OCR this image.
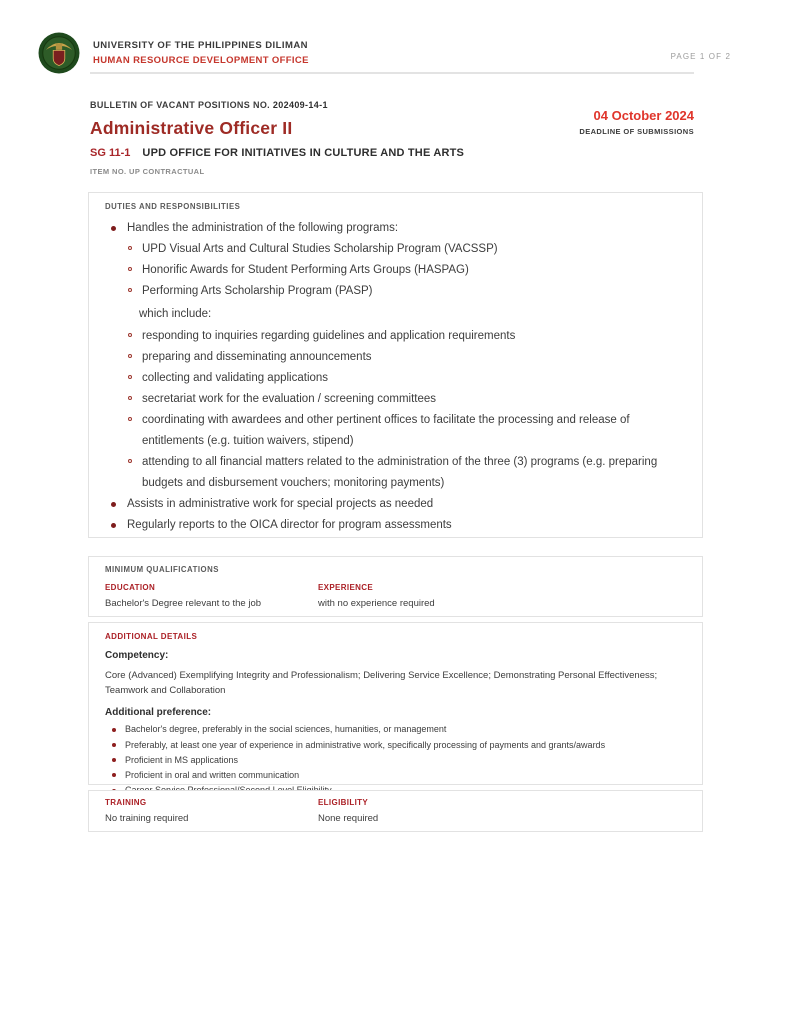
UNIVERSITY OF THE PHILIPPINES DILIMAN
HUMAN RESOURCE DEVELOPMENT OFFICE	PAGE 1 OF 2
BULLETIN OF VACANT POSITIONS NO. 202409-14-1
Administrative Officer II
SG 11-1 UPD OFFICE FOR INITIATIVES IN CULTURE AND THE ARTS
ITEM NO. UP CONTRACTUAL
04 October 2024
DEADLINE OF SUBMISSIONS
DUTIES AND RESPONSIBILITIES
Handles the administration of the following programs:
UPD Visual Arts and Cultural Studies Scholarship Program (VACSSP)
Honorific Awards for Student Performing Arts Groups (HASPAG)
Performing Arts Scholarship Program (PASP)
which include:
responding to inquiries regarding guidelines and application requirements
preparing and disseminating announcements
collecting and validating applications
secretariat work for the evaluation / screening committees
coordinating with awardees and other pertinent offices to facilitate the processing and release of entitlements (e.g. tuition waivers, stipend)
attending to all financial matters related to the administration of the three (3) programs (e.g. preparing budgets and disbursement vouchers; monitoring payments)
Assists in administrative work for special projects as needed
Regularly reports to the OICA director for program assessments
MINIMUM QUALIFICATIONS
EDUCATION
Bachelor's Degree relevant to the job
EXPERIENCE
with no experience required
ADDITIONAL DETAILS
Competency:
Core (Advanced) Exemplifying Integrity and Professionalism; Delivering Service Excellence; Demonstrating Personal Effectiveness; Teamwork and Collaboration
Additional preference:
Bachelor's degree, preferably in the social sciences, humanities, or management
Preferably, at least one year of experience in administrative work, specifically processing of payments and grants/awards
Proficient in MS applications
Proficient in oral and written communication
TRAINING
No training required
ELIGIBILITY
None required
